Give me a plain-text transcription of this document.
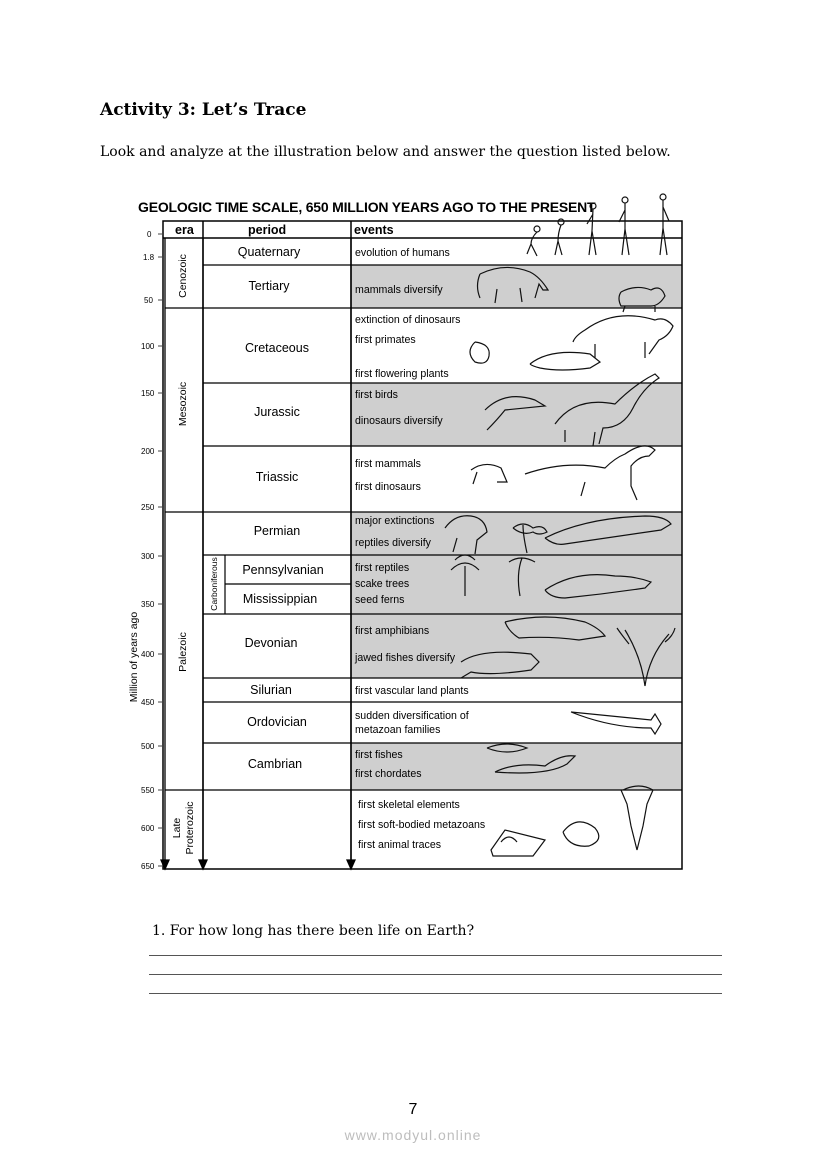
Activity 3: Let’s Trace
Look and analyze at the illustration below and answer the question listed below.
GEOLOGIC TIME SCALE, 650 MILLION YEARS AGO TO THE PRESENT
era	period	events
0
1.8
50
100
150
200
250
300
350
400
450
500
550
600
650
Million of years ago
Cenozoic
Mesozoic
Palezoic
Late Proterozoic
Carboniferous
Quaternary
Tertiary
Cretaceous
Jurassic
Triassic
Permian
Pennsylvanian
Mississippian
Devonian
Silurian
Ordovician
Cambrian
evolution of humans
mammals diversify
extinction of dinosaurs
first primates
first flowering plants
first birds
dinosaurs diversify
first mammals
first dinosaurs
major extinctions
reptiles diversify
first reptiles
scake trees
seed ferns
first amphibians
jawed fishes diversify
first vascular land plants
sudden diversification of
metazoan families
first fishes
first chordates
first skeletal elements
first soft-bodied metazoans
first animal traces
1. For how long has there been life on Earth?
7
www.modyul.online
